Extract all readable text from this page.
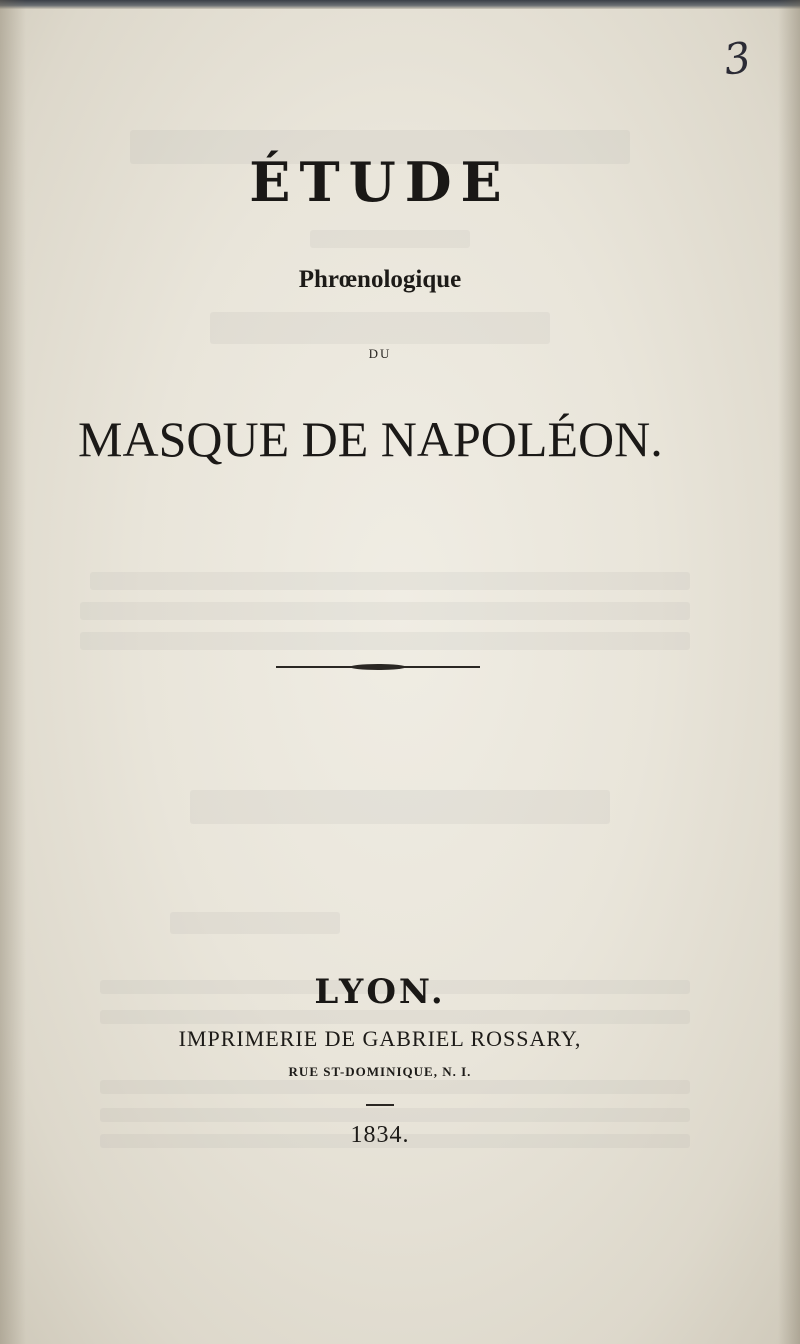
3
ÉTUDE
Phrœnologique
DU
MASQUE DE NAPOLÉON.
LYON.
IMPRIMERIE DE GABRIEL ROSSARY,
RUE ST-DOMINIQUE, N. I.
1834.
